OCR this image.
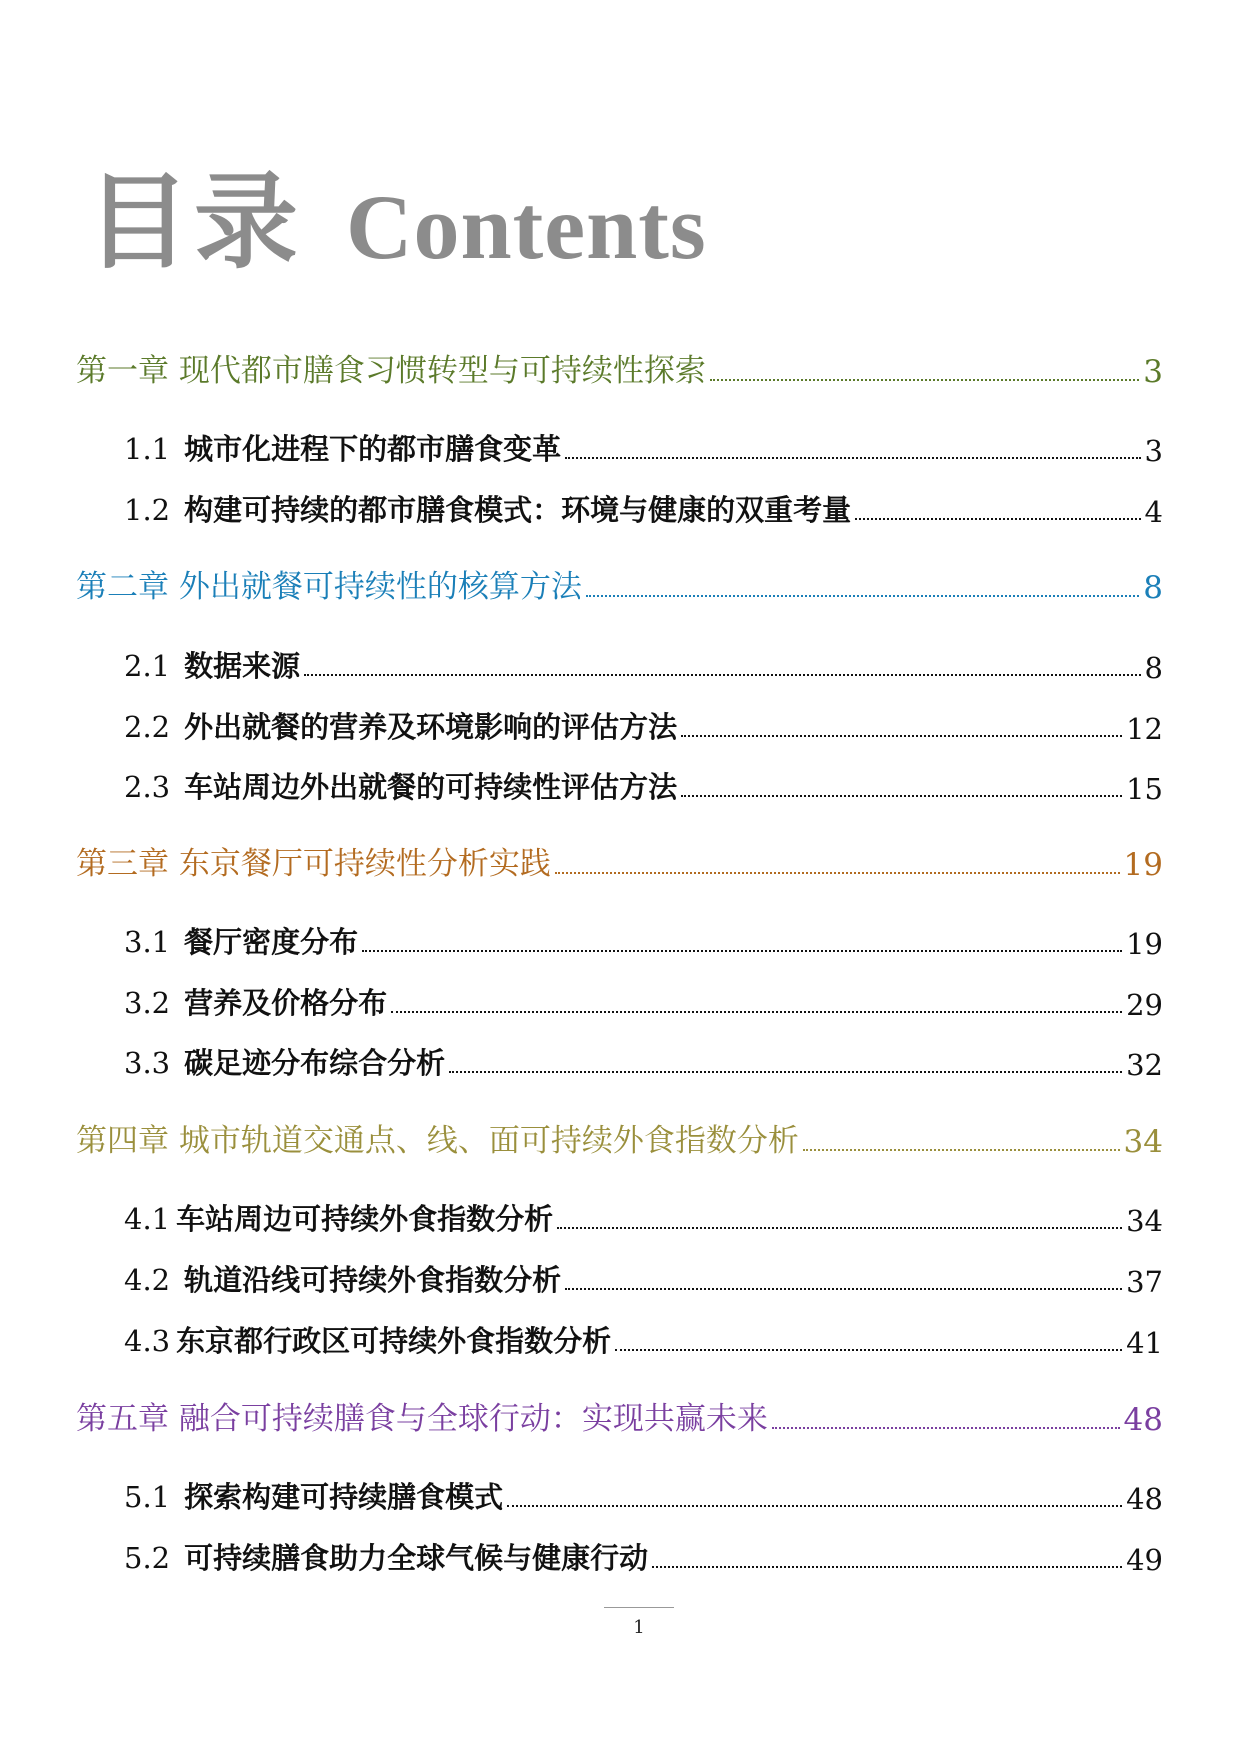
目录 Contents
第一章 现代都市膳食习惯转型与可持续性探索	3
1.1 城市化进程下的都市膳食变革	3
1.2 构建可持续的都市膳食模式：环境与健康的双重考量	4
第二章 外出就餐可持续性的核算方法	8
2.1 数据来源	8
2.2 外出就餐的营养及环境影响的评估方法	12
2.3 车站周边外出就餐的可持续性评估方法	15
第三章 东京餐厅可持续性分析实践	19
3.1 餐厅密度分布	19
3.2 营养及价格分布	29
3.3 碳足迹分布综合分析	32
第四章 城市轨道交通点、线、面可持续外食指数分析	34
4.1 车站周边可持续外食指数分析	34
4.2 轨道沿线可持续外食指数分析	37
4.3 东京都行政区可持续外食指数分析	41
第五章 融合可持续膳食与全球行动：实现共赢未来	48
5.1 探索构建可持续膳食模式	48
5.2 可持续膳食助力全球气候与健康行动	49
1
